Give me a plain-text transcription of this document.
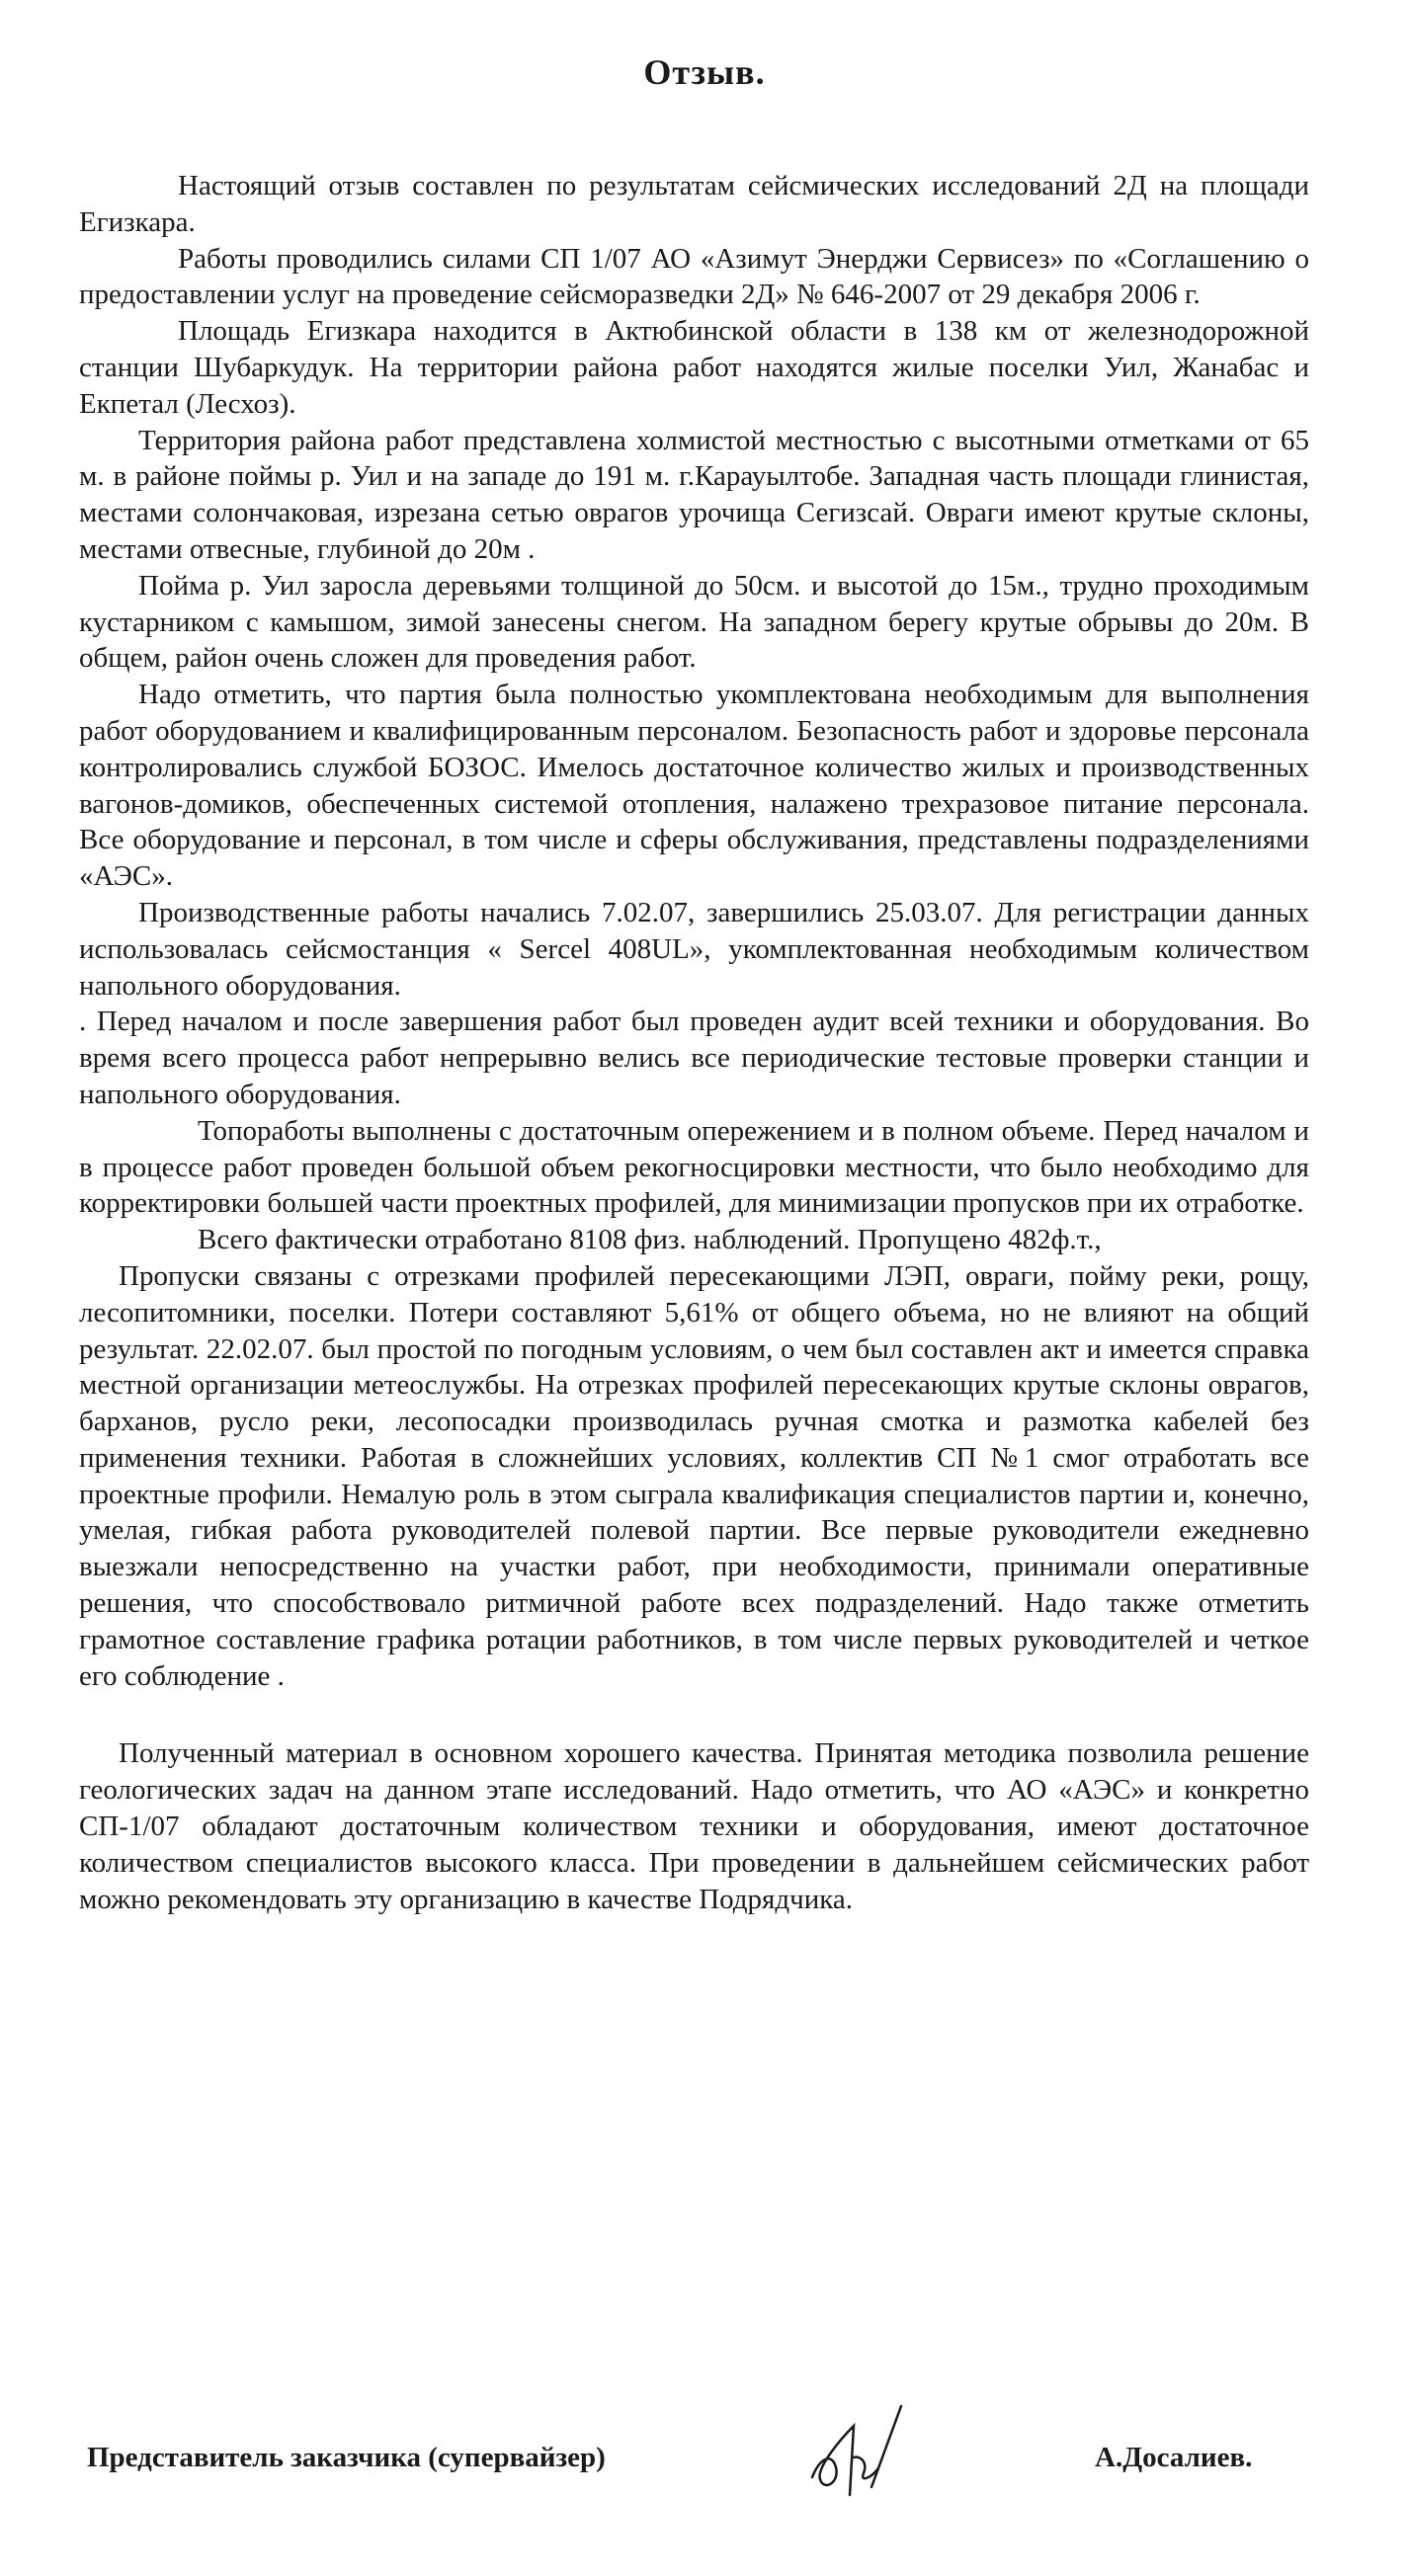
Отзыв.

Настоящий отзыв составлен по результатам сейсмических исследований 2Д на площади Егизкара.

Работы проводились силами СП 1/07 АО «Азимут Энерджи Сервисез» по «Соглашению о предоставлении услуг на проведение сейсморазведки 2Д» № 646-2007 от 29 декабря 2006 г.

Площадь Егизкара находится в Актюбинской области в 138 км от железнодорожной станции Шубаркудук. На территории района работ находятся жилые поселки Уил, Жанабас и Екпетал (Лесхоз).

Территория района работ представлена холмистой местностью с высотными отметками от 65 м. в районе поймы р. Уил и на западе до 191 м. г.Карауылтобе. Западная часть площади глинистая, местами солончаковая, изрезана сетью оврагов урочища Сегизсай. Овраги имеют крутые склоны, местами отвесные, глубиной до 20м .

Пойма р. Уил заросла деревьями толщиной до 50см. и высотой до 15м., трудно проходимым кустарником с камышом, зимой занесены снегом. На западном берегу крутые обрывы до 20м. В общем, район очень сложен для проведения работ.

Надо отметить, что партия была полностью укомплектована необходимым для выполнения работ оборудованием и квалифицированным персоналом. Безопасность работ и здоровье персонала контролировались службой БОЗОС. Имелось достаточное количество жилых и производственных вагонов-домиков, обеспеченных системой отопления, налажено трехразовое питание персонала. Все оборудование и персонал, в том числе и сферы обслуживания, представлены подразделениями «АЭС».

Производственные работы начались 7.02.07, завершились 25.03.07. Для регистрации данных использовалась сейсмостанция « Sercel 408UL», укомплектованная необходимым количеством напольного оборудования.

. Перед началом и после завершения работ был проведен аудит всей техники и оборудования. Во время всего процесса работ непрерывно велись все периодические тестовые проверки станции и напольного оборудования.

Топоработы выполнены с достаточным опережением и в полном объеме. Перед началом и в процессе работ проведен большой объем рекогносцировки местности, что было необходимо для корректировки большей части проектных профилей, для минимизации пропусков при их отработке.

Всего фактически отработано 8108 физ. наблюдений. Пропущено 482ф.т.,

Пропуски связаны с отрезками профилей пересекающими ЛЭП, овраги, пойму реки, рощу, лесопитомники, поселки. Потери составляют 5,61% от общего объема, но не влияют на общий результат. 22.02.07. был простой по погодным условиям, о чем был составлен акт и имеется справка местной организации метеослужбы. На отрезках профилей пересекающих крутые склоны оврагов, барханов, русло реки, лесопосадки производилась ручная смотка и размотка кабелей без применения техники. Работая в сложнейших условиях, коллектив СП №1 смог отработать все проектные профили. Немалую роль в этом сыграла квалификация специалистов партии и, конечно, умелая, гибкая работа руководителей полевой партии. Все первые руководители ежедневно выезжали непосредственно на участки работ, при необходимости, принимали оперативные решения, что способствовало ритмичной работе всех подразделений. Надо также отметить грамотное составление графика ротации работников, в том числе первых руководителей и четкое его соблюдение .

Полученный материал в основном хорошего качества. Принятая методика позволила решение геологических задач на данном этапе исследований. Надо отметить, что АО «АЭС» и конкретно СП-1/07 обладают достаточным количеством техники и оборудования, имеют достаточное количеством специалистов высокого класса. При проведении в дальнейшем сейсмических работ можно рекомендовать эту организацию в качестве Подрядчика.

Представитель заказчика (супервайзер)	А.Досалиев.
